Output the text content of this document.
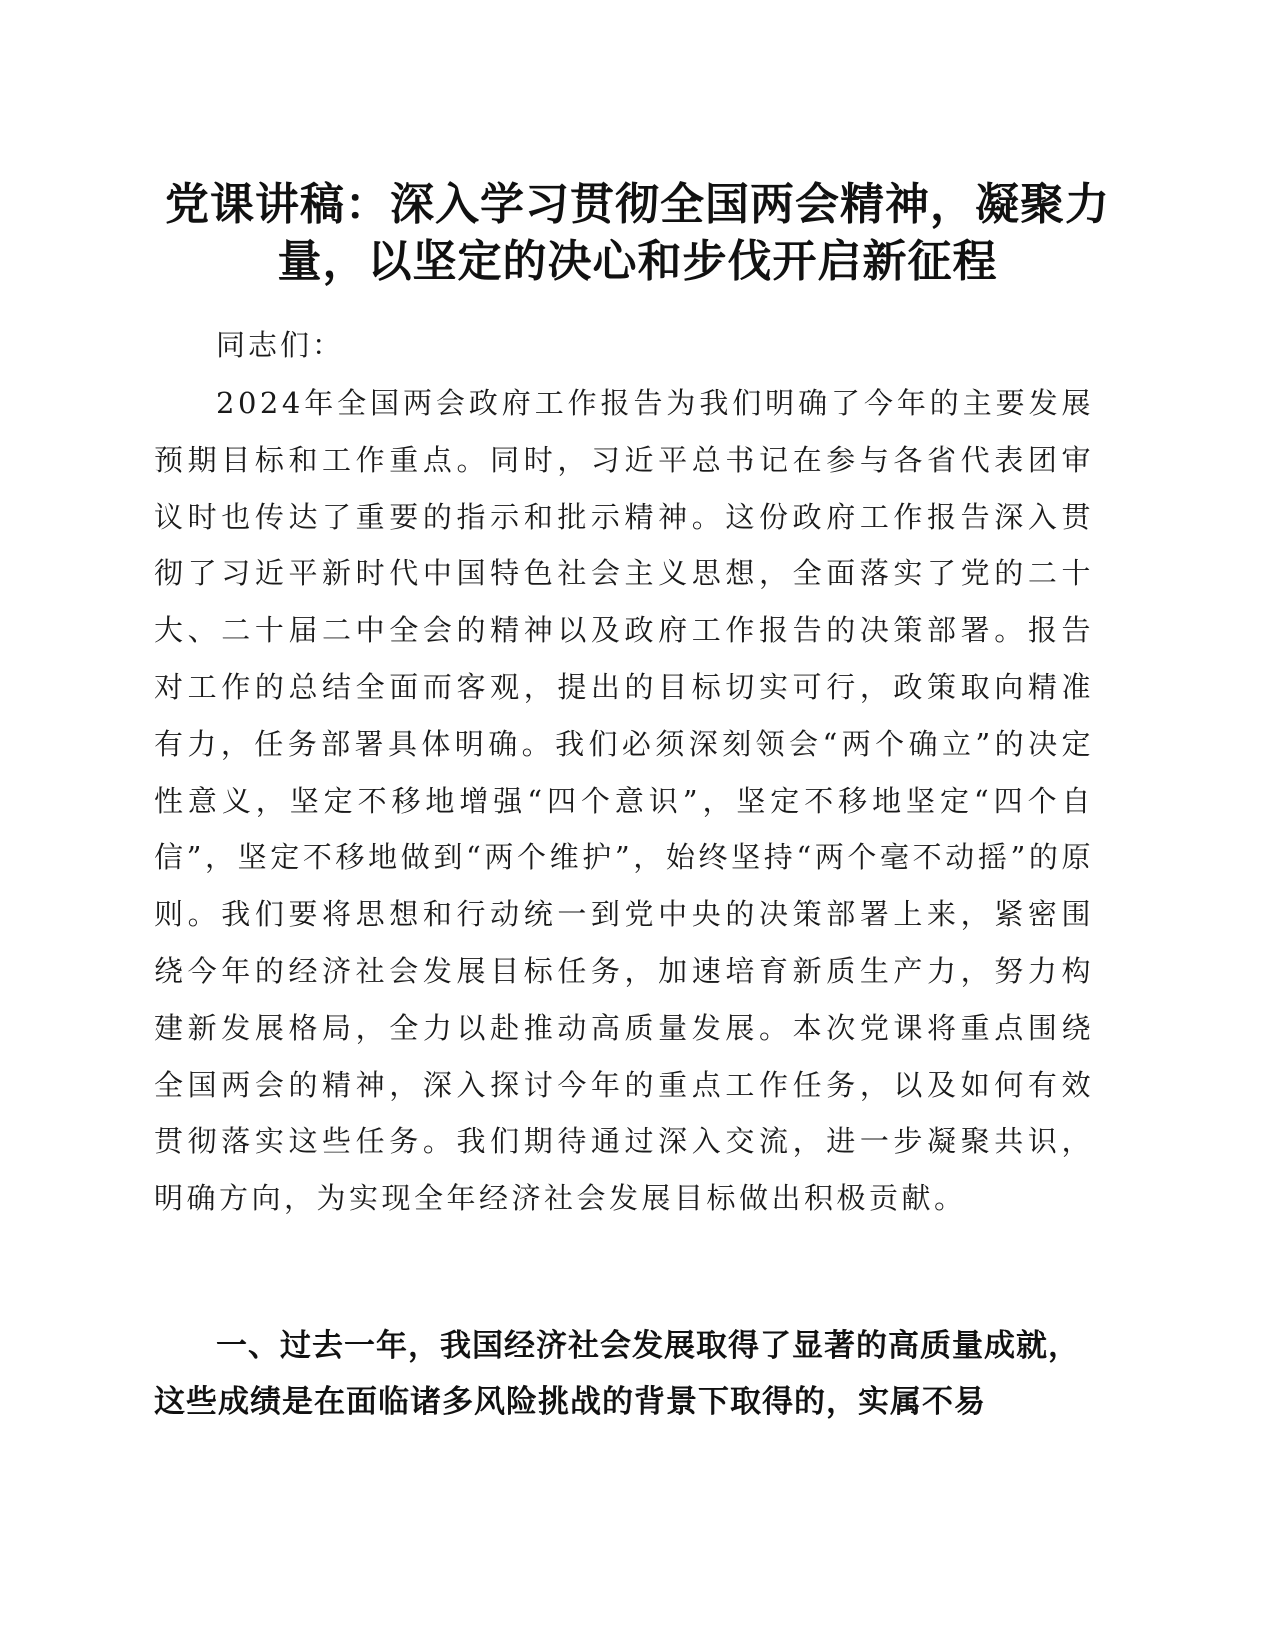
党课讲稿：深入学习贯彻全国两会精神，凝聚力量，以坚定的决心和步伐开启新征程

同志们：

2024年全国两会政府工作报告为我们明确了今年的主要发展预期目标和工作重点。同时，习近平总书记在参与各省代表团审议时也传达了重要的指示和批示精神。这份政府工作报告深入贯彻了习近平新时代中国特色社会主义思想，全面落实了党的二十大、二十届二中全会的精神以及政府工作报告的决策部署。报告对工作的总结全面而客观，提出的目标切实可行，政策取向精准有力，任务部署具体明确。我们必须深刻领会“两个确立”的决定性意义，坚定不移地增强“四个意识”，坚定不移地坚定“四个自信”，坚定不移地做到“两个维护”，始终坚持“两个毫不动摇”的原则。我们要将思想和行动统一到党中央的决策部署上来，紧密围绕今年的经济社会发展目标任务，加速培育新质生产力，努力构建新发展格局，全力以赴推动高质量发展。本次党课将重点围绕全国两会的精神，深入探讨今年的重点工作任务，以及如何有效贯彻落实这些任务。我们期待通过深入交流，进一步凝聚共识，明确方向，为实现全年经济社会发展目标做出积极贡献。

一、过去一年，我国经济社会发展取得了显著的高质量成就，这些成绩是在面临诸多风险挑战的背景下取得的，实属不易
